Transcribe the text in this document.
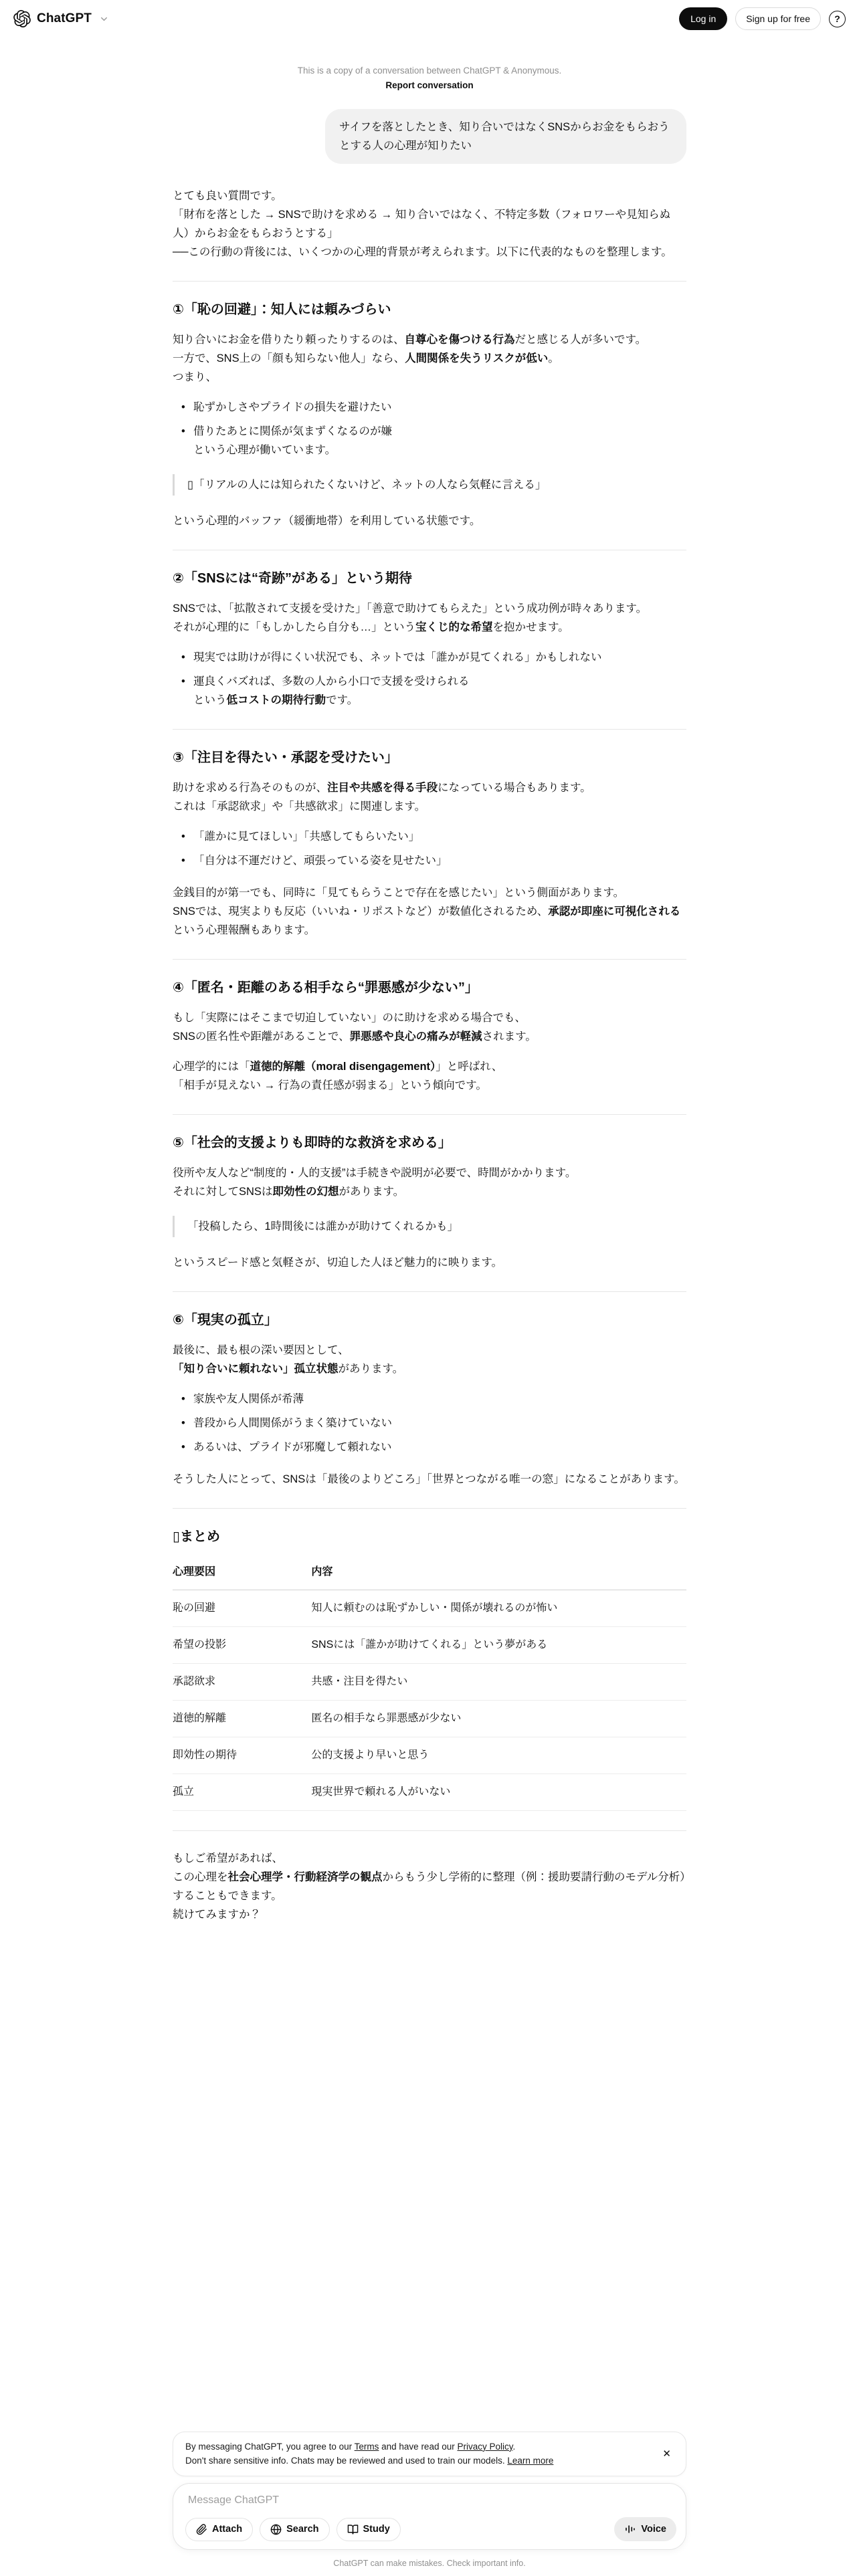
ChatGPT	Log in	Sign up for free	?
This is a copy of a conversation between ChatGPT & Anonymous.
Report conversation
サイフを落としたとき、知り合いではなくSNSからお金をもらおうとする人の心理が知りたい

とても良い質問です。
「財布を落とした → SNSで助けを求める → 知り合いではなく、不特定多数（フォロワーや見知らぬ人）からお金をもらおうとする」
──この行動の背後には、いくつかの心理的背景が考えられます。以下に代表的なものを整理します。

①「恥の回避」：知人には頼みづらい

知り合いにお金を借りたり頼ったりするのは、自尊心を傷つける行為だと感じる人が多いです。
一方で、SNS上の「顔も知らない他人」なら、人間関係を失うリスクが低い。
つまり、

• 恥ずかしさやプライドの損失を避けたい
• 借りたあとに関係が気まずくなるのが嫌
という心理が働いています。
▯「リアルの人には知られたくないけど、ネットの人なら気軽に言える」

という心理的バッファ（緩衝地帯）を利用している状態です。

②「SNSには“奇跡”がある」という期待

SNSでは、「拡散されて支援を受けた」「善意で助けてもらえた」という成功例が時々あります。
それが心理的に「もしかしたら自分も…」という宝くじ的な希望を抱かせます。

• 現実では助けが得にくい状況でも、ネットでは「誰かが見てくれる」かもしれない
• 運良くバズれば、多数の人から小口で支援を受けられる
という低コストの期待行動です。
③「注目を得たい・承認を受けたい」

助けを求める行為そのものが、注目や共感を得る手段になっている場合もあります。
これは「承認欲求」や「共感欲求」に関連します。

• 「誰かに見てほしい」「共感してもらいたい」
• 「自分は不運だけど、頑張っている姿を見せたい」

金銭目的が第一でも、同時に「見てもらうことで存在を感じたい」という側面があります。
SNSでは、現実よりも反応（いいね・リポストなど）が数値化されるため、承認が即座に可視化されるという心理報酬もあります。

④「匿名・距離のある相手なら“罪悪感が少ない”」

もし「実際にはそこまで切迫していない」のに助けを求める場合でも、
SNSの匿名性や距離があることで、罪悪感や良心の痛みが軽減されます。

心理学的には「道徳的解離（moral disengagement）」と呼ばれ、
「相手が見えない → 行為の責任感が弱まる」という傾向です。

⑤「社会的支援よりも即時的な救済を求める」

役所や友人など“制度的・人的支援”は手続きや説明が必要で、時間がかかります。
それに対してSNSは即効性の幻想があります。

「投稿したら、1時間後には誰かが助けてくれるかも」

というスピード感と気軽さが、切迫した人ほど魅力的に映ります。

⑥「現実の孤立」

最後に、最も根の深い要因として、
「知り合いに頼れない」孤立状態があります。

• 家族や友人関係が希薄
• 普段から人間関係がうまく築けていない
• あるいは、プライドが邪魔して頼れない

そうした人にとって、SNSは「最後のよりどころ」「世界とつながる唯一の窓」になることがあります。

▯まとめ
心理要因	内容
恥の回避	知人に頼むのは恥ずかしい・関係が壊れるのが怖い
希望の投影	SNSには「誰かが助けてくれる」という夢がある
承認欲求	共感・注目を得たい
道徳的解離	匿名の相手なら罪悪感が少ない
即効性の期待	公的支援より早いと思う
孤立	現実世界で頼れる人がいない

もしご希望があれば、
この心理を社会心理学・行動経済学の観点からもう少し学術的に整理（例：援助要請行動のモデル分析）することもできます。
続けてみますか？

By messaging ChatGPT, you agree to our Terms and have read our Privacy Policy.
Don't share sensitive info. Chats may be reviewed and used to train our models. Learn more
✕
Message ChatGPT
Attach	Search	Study	Voice
ChatGPT can make mistakes. Check important info.
